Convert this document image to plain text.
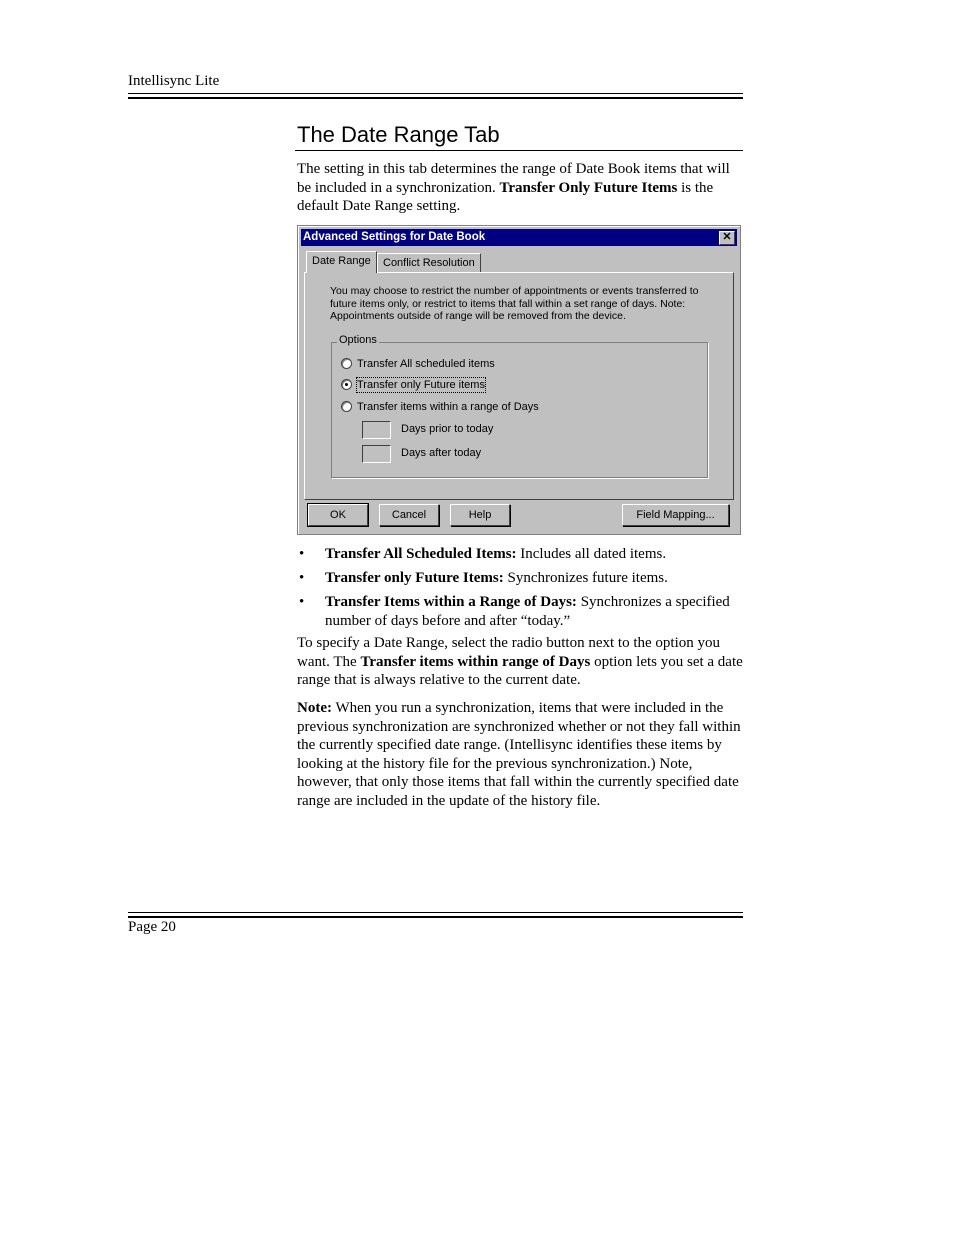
Intellisync Lite
The Date Range Tab
The setting in this tab determines the range of Date Book items that will be included in a synchronization. Transfer Only Future Items is the default Date Range setting.
Advanced Settings for Date Book	✕
Date Range	Conflict Resolution
You may choose to restrict the number of appointments or events transferred to future items only, or restrict to items that fall within a set range of days. Note: Appointments outside of range will be removed from the device.
Options
Transfer All scheduled items
Transfer only Future items
Transfer items within a range of Days
Days prior to today
Days after today
OK	Cancel	Help	Field Mapping...
• Transfer All Scheduled Items: Includes all dated items.
• Transfer only Future Items: Synchronizes future items.
• Transfer Items within a Range of Days: Synchronizes a specified number of days before and after “today.”
To specify a Date Range, select the radio button next to the option you want. The Transfer items within range of Days option lets you set a date range that is always relative to the current date.
Note: When you run a synchronization, items that were included in the previous synchronization are synchronized whether or not they fall within the currently specified date range. (Intellisync identifies these items by looking at the history file for the previous synchronization.) Note, however, that only those items that fall within the currently specified date range are included in the update of the history file.
Page 20
